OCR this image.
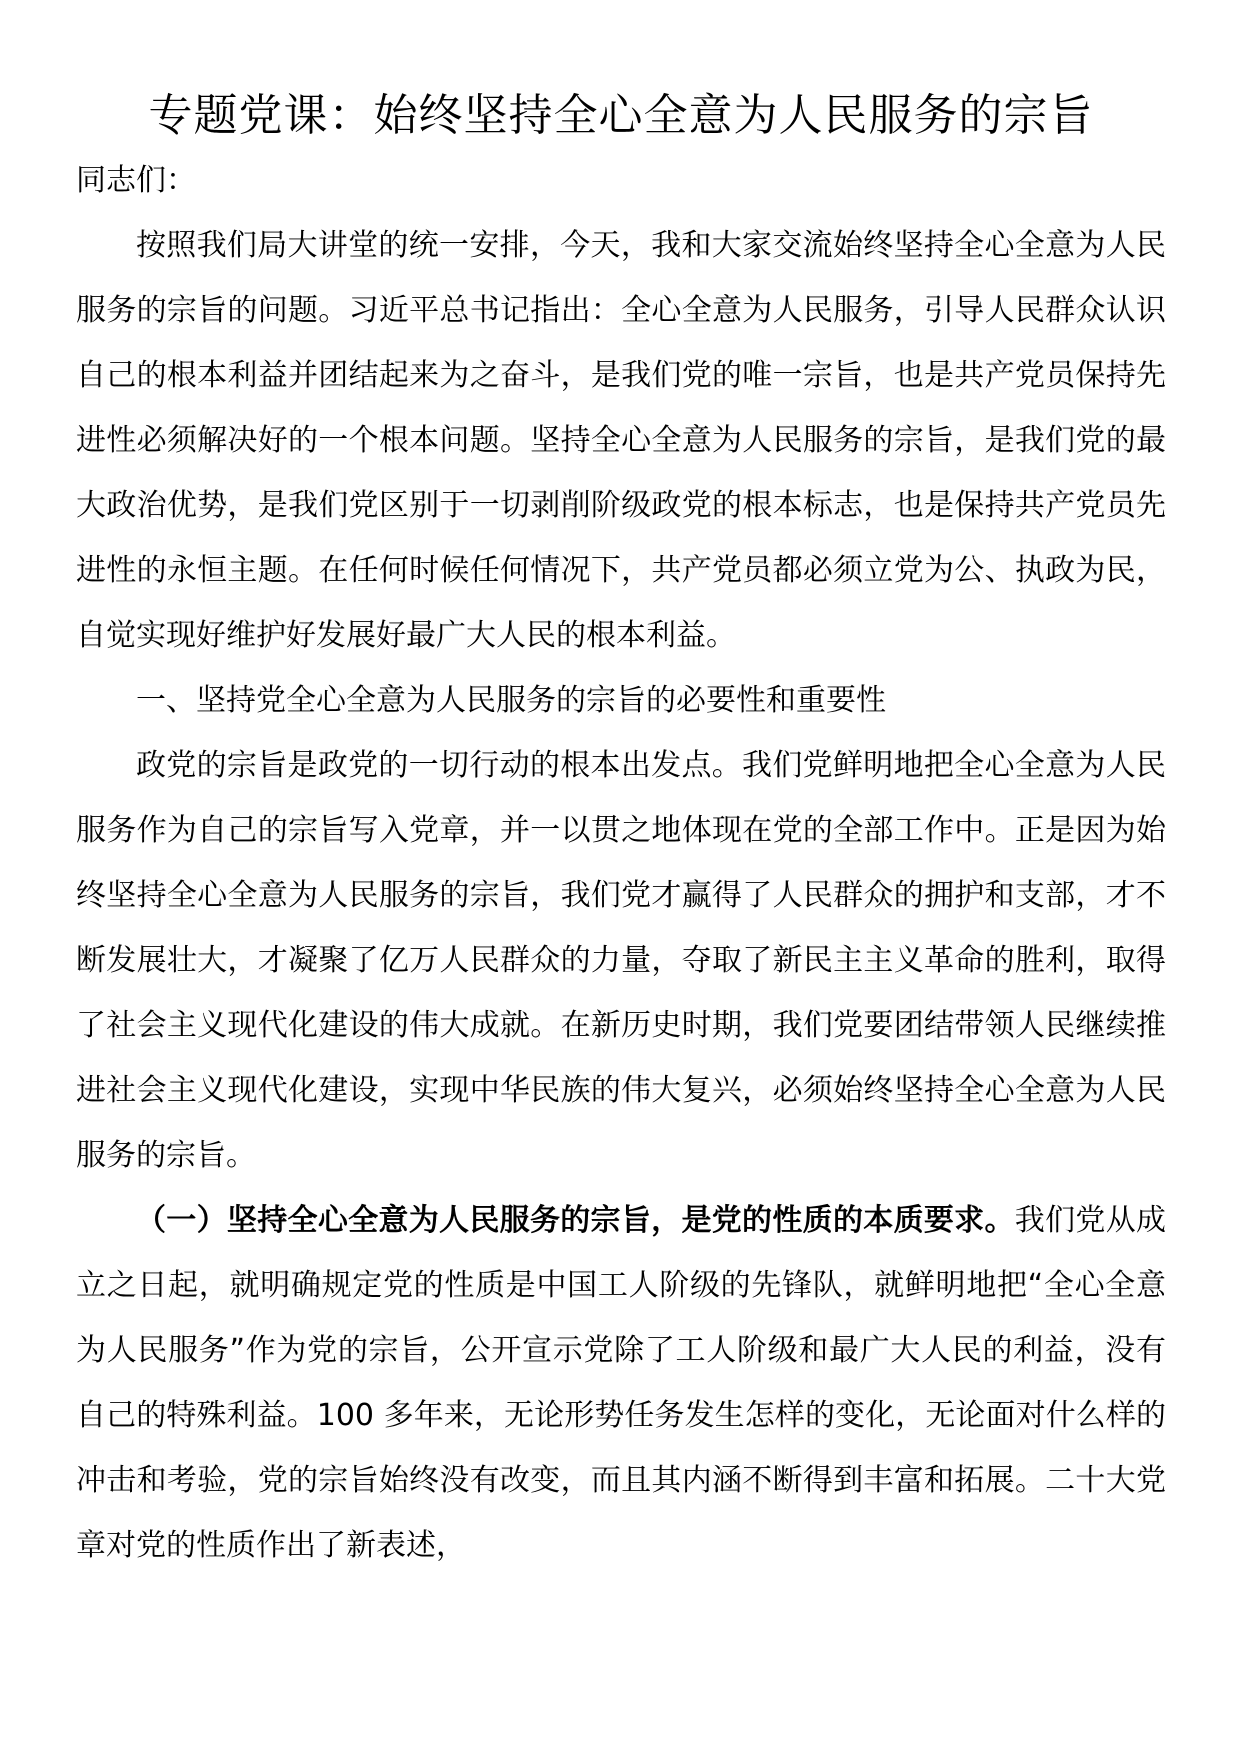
专题党课：始终坚持全心全意为人民服务的宗旨

同志们：

按照我们局大讲堂的统一安排，今天，我和大家交流始终坚持全心全意为人民服务的宗旨的问题。习近平总书记指出：全心全意为人民服务，引导人民群众认识自己的根本利益并团结起来为之奋斗，是我们党的唯一宗旨，也是共产党员保持先进性必须解决好的一个根本问题。坚持全心全意为人民服务的宗旨，是我们党的最大政治优势，是我们党区别于一切剥削阶级政党的根本标志，也是保持共产党员先进性的永恒主题。在任何时候任何情况下，共产党员都必须立党为公、执政为民，自觉实现好维护好发展好最广大人民的根本利益。

一、坚持党全心全意为人民服务的宗旨的必要性和重要性

政党的宗旨是政党的一切行动的根本出发点。我们党鲜明地把全心全意为人民服务作为自己的宗旨写入党章，并一以贯之地体现在党的全部工作中。正是因为始终坚持全心全意为人民服务的宗旨，我们党才赢得了人民群众的拥护和支部，才不断发展壮大，才凝聚了亿万人民群众的力量，夺取了新民主主义革命的胜利，取得了社会主义现代化建设的伟大成就。在新历史时期，我们党要团结带领人民继续推进社会主义现代化建设，实现中华民族的伟大复兴，必须始终坚持全心全意为人民服务的宗旨。

（一）坚持全心全意为人民服务的宗旨，是党的性质的本质要求。我们党从成立之日起，就明确规定党的性质是中国工人阶级的先锋队，就鲜明地把“全心全意为人民服务”作为党的宗旨，公开宣示党除了工人阶级和最广大人民的利益，没有自己的特殊利益。100 多年来，无论形势任务发生怎样的变化，无论面对什么样的冲击和考验，党的宗旨始终没有改变，而且其内涵不断得到丰富和拓展。二十大党章对党的性质作出了新表述，
